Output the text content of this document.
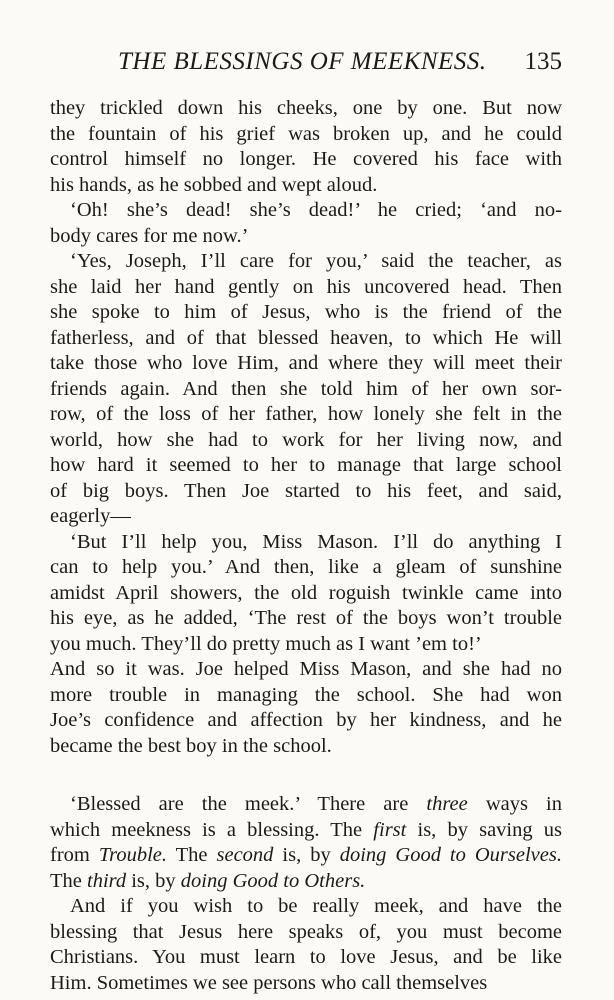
THE BLESSINGS OF MEEKNESS. 135
they trickled down his cheeks, one by one. But now
the fountain of his grief was broken up, and he could
control himself no longer. He covered his face with
his hands, as he sobbed and wept aloud.
‘Oh! she’s dead! she’s dead!’ he cried; ‘and no-
body cares for me now.’
‘Yes, Joseph, I’ll care for you,’ said the teacher, as
she laid her hand gently on his uncovered head. Then
she spoke to him of Jesus, who is the friend of the
fatherless, and of that blessed heaven, to which He will
take those who love Him, and where they will meet their
friends again. And then she told him of her own sor-
row, of the loss of her father, how lonely she felt in the
world, how she had to work for her living now, and
how hard it seemed to her to manage that large school
of big boys. Then Joe started to his feet, and said,
eagerly—
‘But I’ll help you, Miss Mason. I’ll do anything I
can to help you.’ And then, like a gleam of sunshine
amidst April showers, the old roguish twinkle came into
his eye, as he added, ‘The rest of the boys won’t trouble
you much. They’ll do pretty much as I want ’em to!’
And so it was. Joe helped Miss Mason, and she had no
more trouble in managing the school. She had won
Joe’s confidence and affection by her kindness, and he
became the best boy in the school.
‘Blessed are the meek.’ There are three ways in
which meekness is a blessing. The first is, by saving us
from Trouble. The second is, by doing Good to Ourselves.
The third is, by doing Good to Others.
And if you wish to be really meek, and have the
blessing that Jesus here speaks of, you must become
Christians. You must learn to love Jesus, and be like
Him. Sometimes we see persons who call themselves
